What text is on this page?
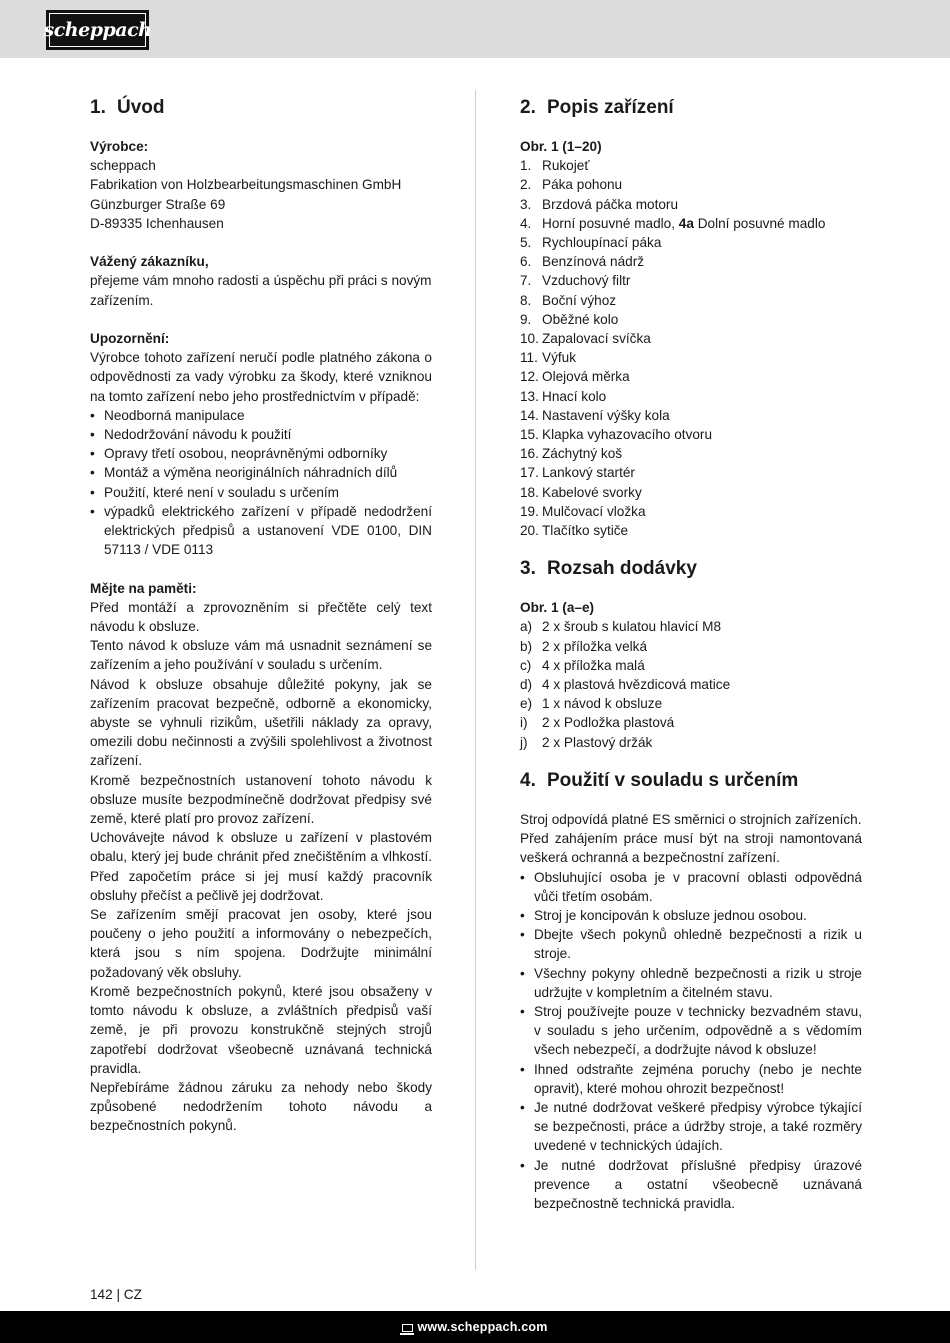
scheppach
1. Úvod
Výrobce:
scheppach
Fabrikation von Holzbearbeitungsmaschinen GmbH
Günzburger Straße 69
D-89335 Ichenhausen
Vážený zákazníku,
přejeme vám mnoho radosti a úspěchu při práci s novým zařízením.
Upozornění:
Výrobce tohoto zařízení neručí podle platného zákona o odpovědnosti za vady výrobku za škody, které vzniknou na tomto zařízení nebo jeho prostřednictvím v případě:
• Neodborná manipulace
• Nedodržování návodu k použití
• Opravy třetí osobou, neoprávněnými odborníky
• Montáž a výměna neoriginálních náhradních dílů
• Použití, které není v souladu s určením
• výpadků elektrického zařízení v případě nedodržení elektrických předpisů a ustanovení VDE 0100, DIN 57113 / VDE 0113
Mějte na paměti:
Před montáží a zprovozněním si přečtěte celý text návodu k obsluze.
Tento návod k obsluze vám má usnadnit seznámení se zařízením a jeho používání v souladu s určením.
Návod k obsluze obsahuje důležité pokyny, jak se zařízením pracovat bezpečně, odborně a ekonomicky, abyste se vyhnuli rizikům, ušetřili náklady za opravy, omezili dobu nečinnosti a zvýšili spolehlivost a životnost zařízení.
Kromě bezpečnostních ustanovení tohoto návodu k obsluze musíte bezpodmínečně dodržovat předpisy své země, které platí pro provoz zařízení.
Uchovávejte návod k obsluze u zařízení v plastovém obalu, který jej bude chránit před znečištěním a vlhkostí. Před započetím práce si jej musí každý pracovník obsluhy přečíst a pečlivě jej dodržovat.
Se zařízením smějí pracovat jen osoby, které jsou poučeny o jeho použití a informovány o nebezpečích, která jsou s ním spojena. Dodržujte minimální požadovaný věk obsluhy.
Kromě bezpečnostních pokynů, které jsou obsaženy v tomto návodu k obsluze, a zvláštních předpisů vaší země, je při provozu konstrukčně stejných strojů zapotřebí dodržovat všeobecně uznávaná technická pravidla.
Nepřebíráme žádnou záruku za nehody nebo škody způsobené nedodržením tohoto návodu a bezpečnostních pokynů.
2. Popis zařízení
Obr. 1 (1–20)
1. Rukojeť
2. Páka pohonu
3. Brzdová páčka motoru
4. Horní posuvné madlo,
4a
Dolní posuvné madlo
5. Rychloupínací páka
6. Benzínová nádrž
7. Vzduchový filtr
8. Boční výhoz
9. Oběžné kolo
10. Zapalovací svíčka
11. Výfuk
12. Olejová měrka
13. Hnací kolo
14. Nastavení výšky kola
15. Klapka vyhazovacího otvoru
16. Záchytný koš
17. Lankový startér
18. Kabelové svorky
19. Mulčovací vložka
20. Tlačítko sytiče
3. Rozsah dodávky
Obr. 1 (a–e)
a) 2 x šroub s kulatou hlavicí M8
b) 2 x příložka velká
c) 4 x příložka malá
d) 4 x plastová hvězdicová matice
e) 1 x návod k obsluze
i)	2 x Podložka plastová
j)	2 x Plastový držák
4. Použití v souladu s určením
Stroj odpovídá platné ES směrnici o strojních zařízeních.
Před zahájením práce musí být na stroji namontovaná veškerá ochranná a bezpečnostní zařízení.
• Obsluhující osoba je v pracovní oblasti odpovědná vůči třetím osobám.
• Stroj je koncipován k obsluze jednou osobou.
• Dbejte všech pokynů ohledně bezpečnosti a rizik u stroje.
• Všechny pokyny ohledně bezpečnosti a rizik u stroje udržujte v kompletním a čitelném stavu.
• Stroj používejte pouze v technicky bezvadném stavu, v souladu s jeho určením, odpovědně a s vědomím všech nebezpečí, a dodržujte návod k obsluze!
• Ihned odstraňte zejména poruchy (nebo je nechte opravit), které mohou ohrozit bezpečnost!
• Je nutné dodržovat veškeré předpisy výrobce týkající se bezpečnosti, práce a údržby stroje, a také rozměry uvedené v technických údajích.
• Je nutné dodržovat příslušné předpisy úrazové prevence a ostatní všeobecně uznávaná bezpečnostně technická pravidla.
142 | CZ
www.scheppach.com
